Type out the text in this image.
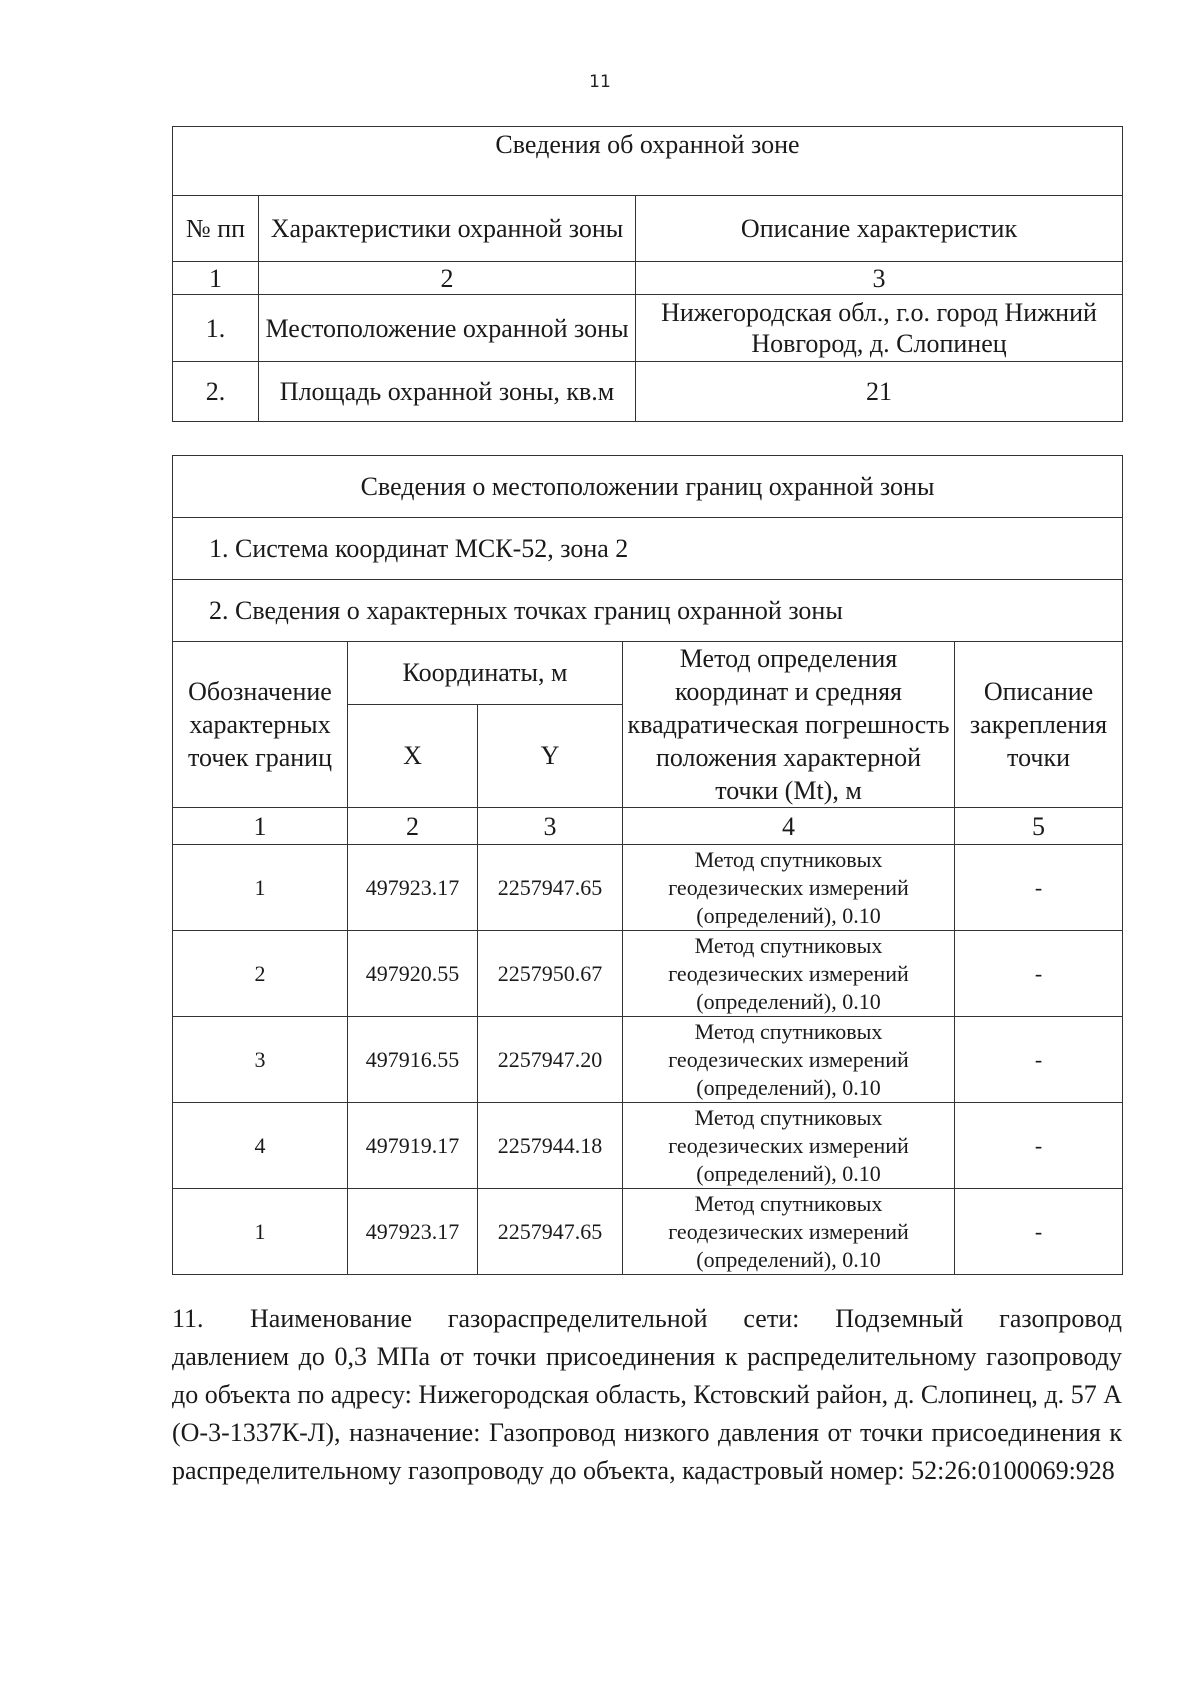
11
Сведения об охранной зоне		
№ пп	Характеристики охранной зоны	Описание характеристик
1	2	3
1.	Местоположение охранной зоны	Нижегородская обл., г.о. город Нижний Новгород, д. Слопинец
2.	Площадь охранной зоны, кв.м	21
Сведения о местоположении границ охранной зоны				
1. Система координат МСК-52, зона 2				
2. Сведения о характерных точках границ охранной зоны				
Обозначение характерных точек границ	Координаты, м		Метод определения координат и средняя квадратическая погрешность положения характерной точки (Mt), м	Описание закрепления точки
	X	Y		
1	2	3	4	5
1	497923.17	2257947.65	Метод спутниковых геодезических измерений (определений), 0.10	-
2	497920.55	2257950.67	Метод спутниковых геодезических измерений (определений), 0.10	-
3	497916.55	2257947.20	Метод спутниковых геодезических измерений (определений), 0.10	-
4	497919.17	2257944.18	Метод спутниковых геодезических измерений (определений), 0.10	-
1	497923.17	2257947.65	Метод спутниковых геодезических измерений (определений), 0.10	-
11. Наименование газораспределительной сети: Подземный газопровод давлением до 0,3 МПа от точки присоединения к распределительному газопроводу до объекта по адресу: Нижегородская область, Кстовский район, д. Слопинец, д. 57 А (О-3-1337К-Л), назначение: Газопровод низкого давления от точки присоединения к распределительному газопроводу до объекта, кадастровый номер: 52:26:0100069:928
